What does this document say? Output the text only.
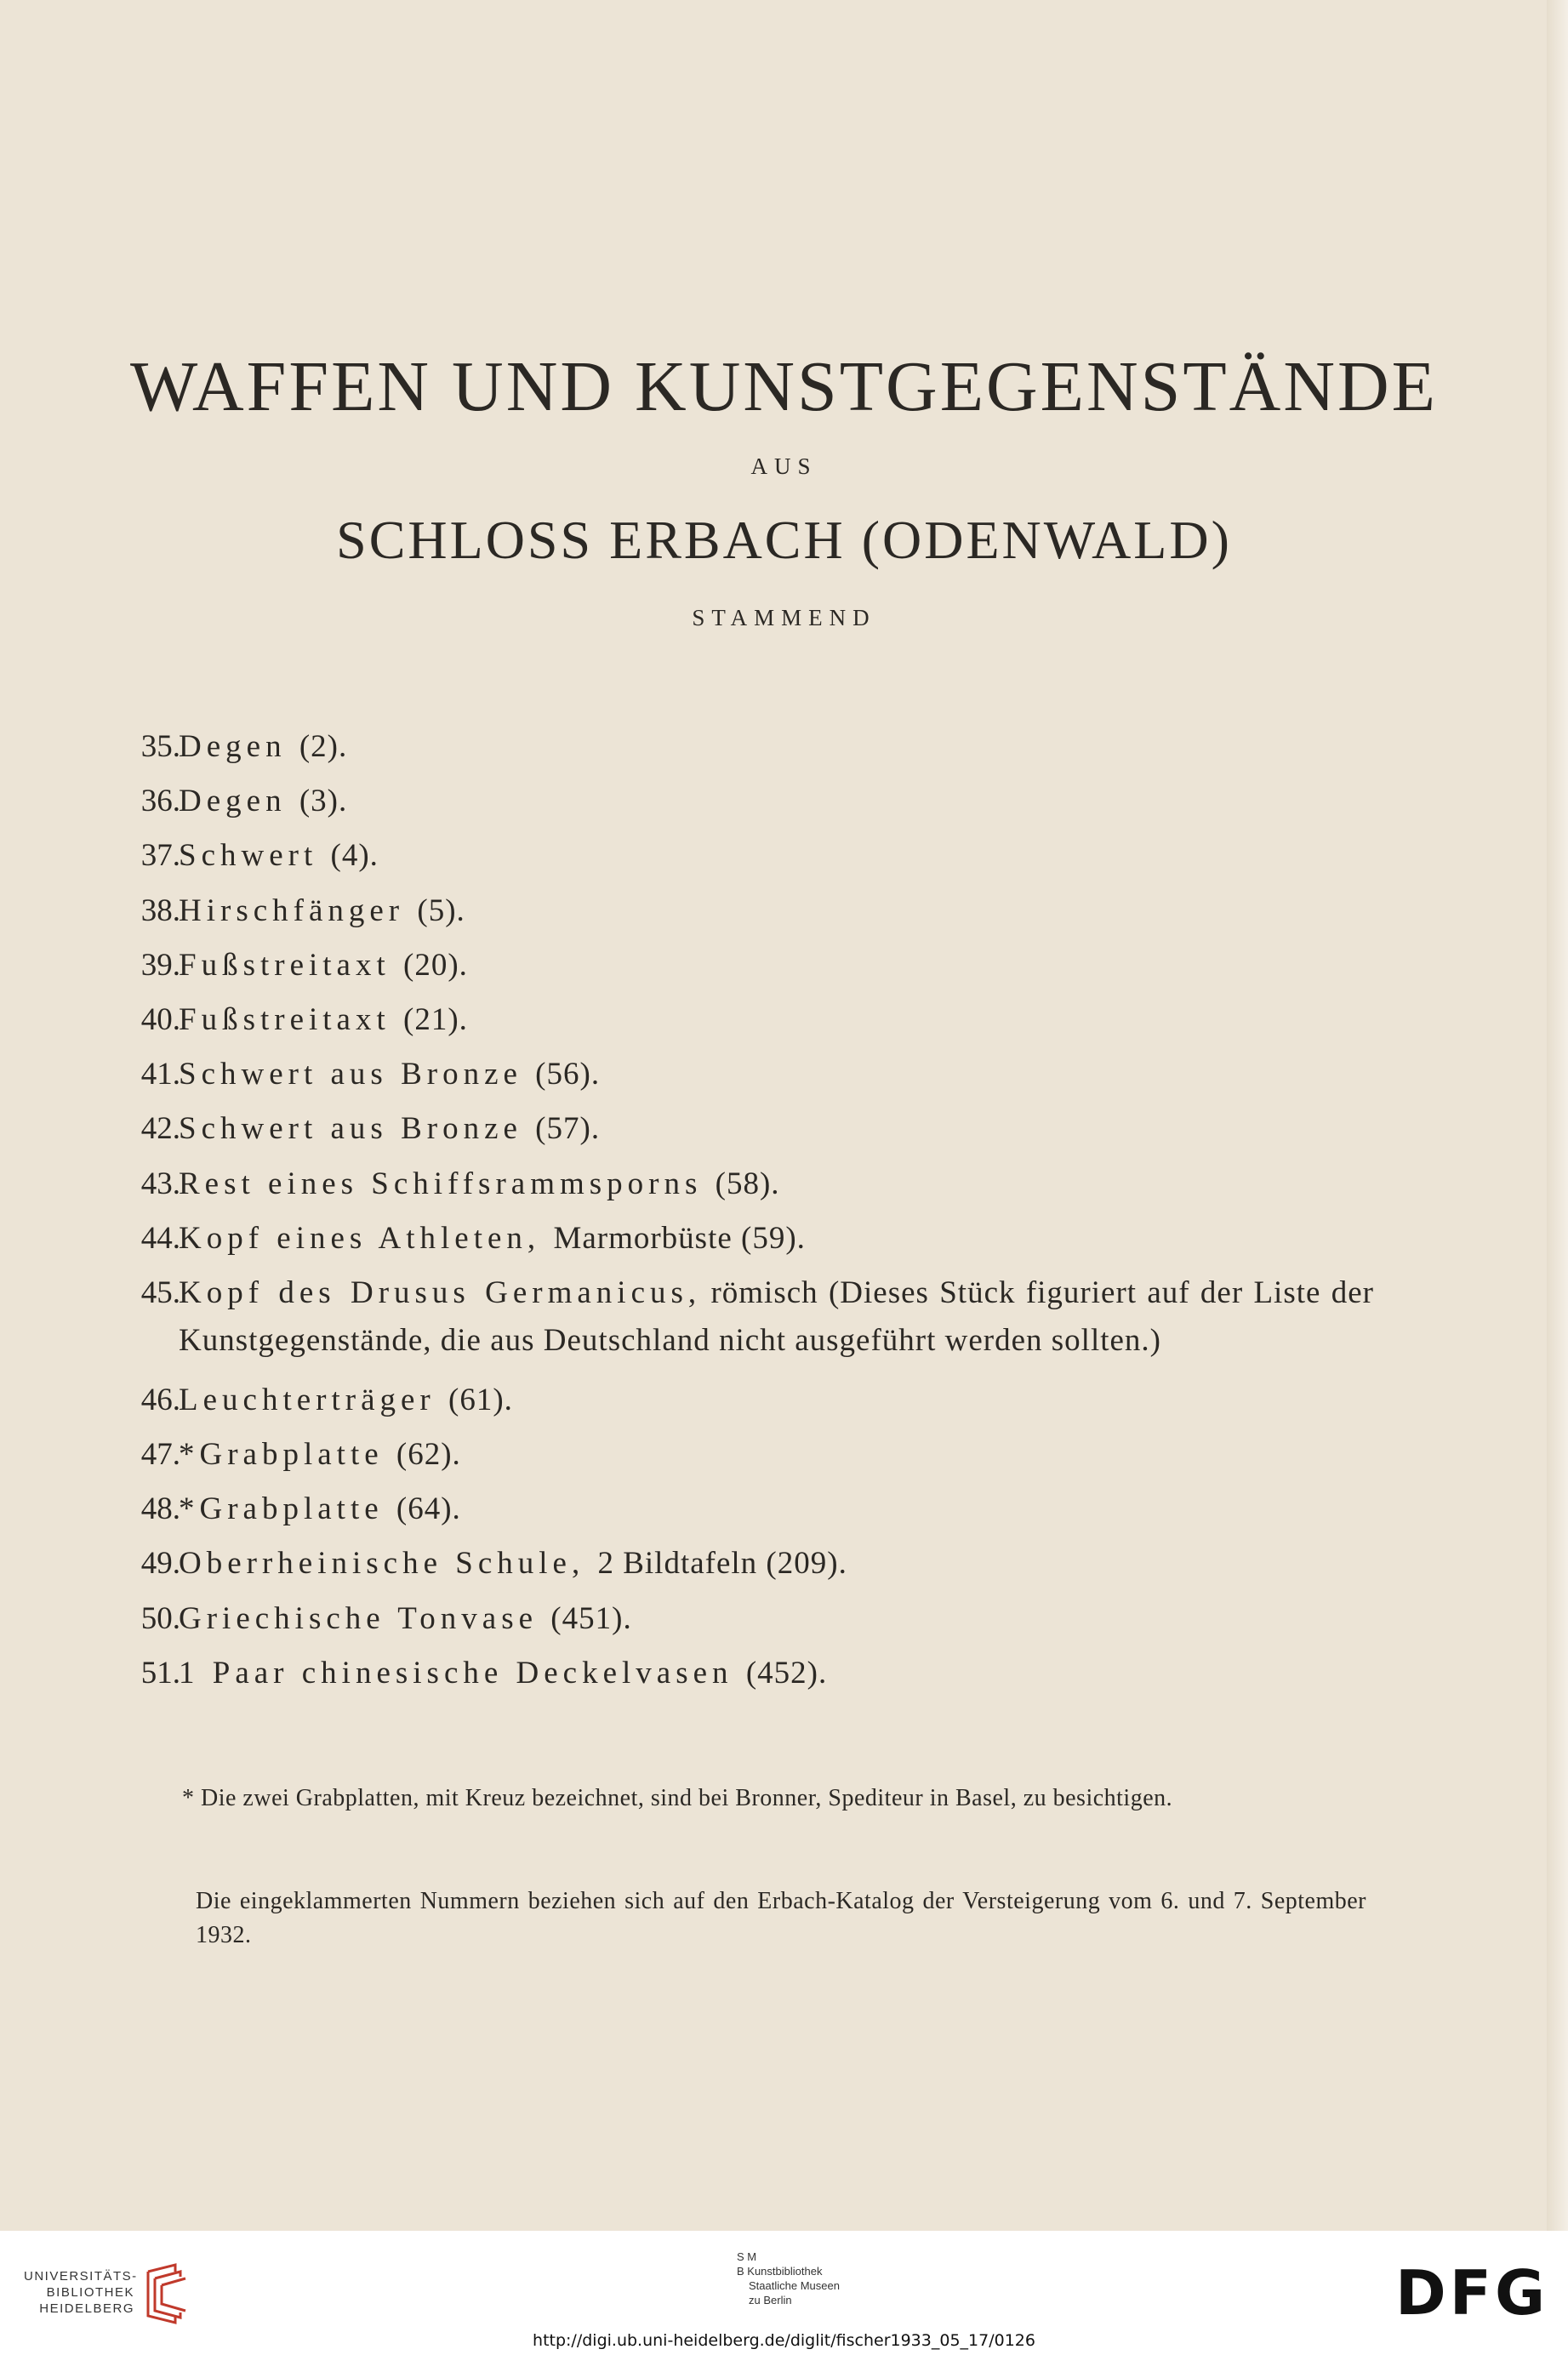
WAFFEN UND KUNSTGEGENSTÄNDE
AUS
SCHLOSS ERBACH (ODENWALD)
STAMMEND
35.
Degen (2).
36.
Degen (3).
37.
Schwert (4).
38.
Hirschfänger (5).
39.
Fußstreitaxt (20).
40.
Fußstreitaxt (21).
41.
Schwert aus Bronze (56).
42.
Schwert aus Bronze (57).
43.
Rest eines Schiffsrammsporns (58).
44.
Kopf eines Athleten, Marmorbüste (59).
45.
Kopf des Drusus Germanicus, römisch (Dieses Stück figuriert auf der Liste der Kunstgegenstände, die aus Deutschland nicht ausgeführt werden sollten.)
46.
Leuchterträger (61).
47.
*Grabplatte (62).
48.
*Grabplatte (64).
49.
Oberrheinische Schule, 2 Bildtafeln (209).
50.
Griechische Tonvase (451).
51.
1 Paar chinesische Deckelvasen (452).
* Die zwei Grabplatten, mit Kreuz bezeichnet, sind bei Bronner, Spediteur in Basel, zu besichtigen.
Die eingeklammerten Nummern beziehen sich auf den Erbach-Katalog der Versteigerung vom 6. und 7. September 1932.
UNIVERSITÄTS-
BIBLIOTHEK
HEIDELBERG
S M
B Kunstbibliothek
Staatliche Museen
zu Berlin	DFG
http://digi.ub.uni-heidelberg.de/diglit/fischer1933_05_17/0126
